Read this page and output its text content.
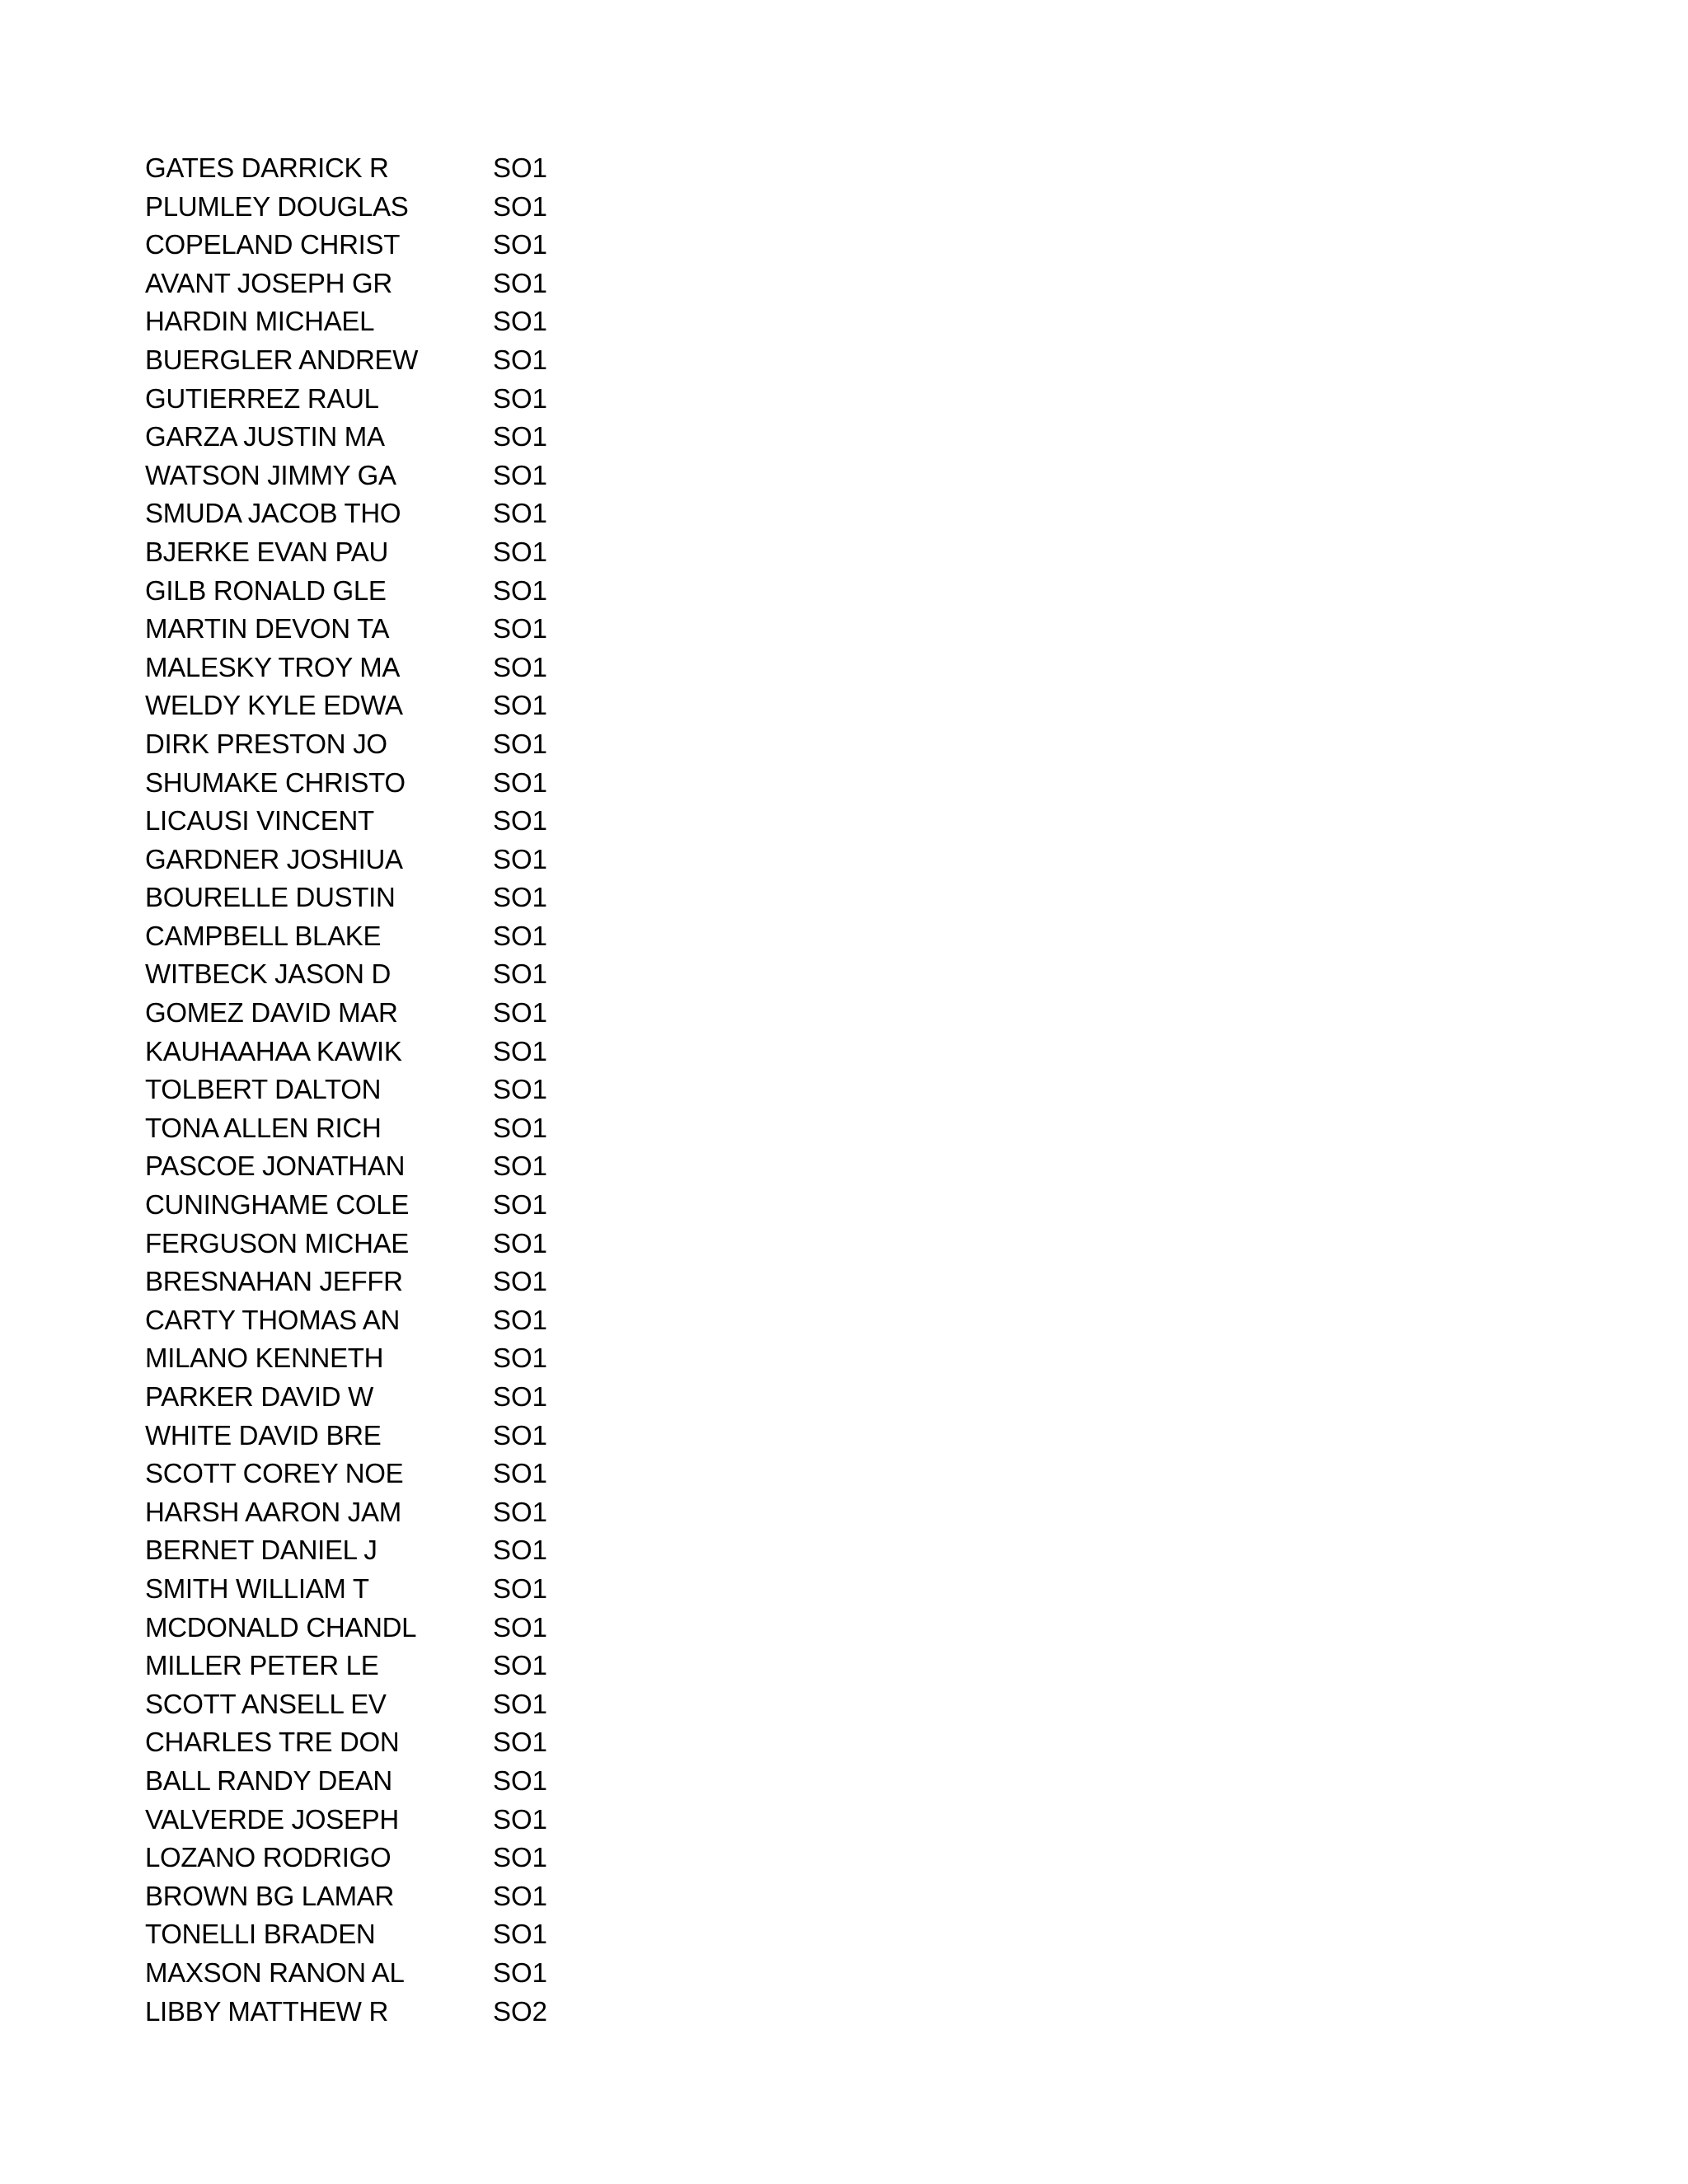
GATES DARRICK R	SO1
PLUMLEY DOUGLAS	SO1
COPELAND CHRIST	SO1
AVANT JOSEPH GR	SO1
HARDIN MICHAEL	SO1
BUERGLER ANDREW	SO1
GUTIERREZ RAUL	SO1
GARZA JUSTIN MA	SO1
WATSON JIMMY GA	SO1
SMUDA JACOB THO	SO1
BJERKE EVAN PAU	SO1
GILB RONALD GLE	SO1
MARTIN DEVON TA	SO1
MALESKY TROY MA	SO1
WELDY KYLE EDWA	SO1
DIRK PRESTON JO	SO1
SHUMAKE CHRISTO	SO1
LICAUSI VINCENT	SO1
GARDNER JOSHIUA	SO1
BOURELLE DUSTIN	SO1
CAMPBELL BLAKE	SO1
WITBECK JASON D	SO1
GOMEZ DAVID MAR	SO1
KAUHAAHAA KAWIK	SO1
TOLBERT DALTON	SO1
TONA ALLEN RICH	SO1
PASCOE JONATHAN	SO1
CUNINGHAME COLE	SO1
FERGUSON MICHAE	SO1
BRESNAHAN JEFFR	SO1
CARTY THOMAS AN	SO1
MILANO KENNETH	SO1
PARKER DAVID W	SO1
WHITE DAVID BRE	SO1
SCOTT COREY NOE	SO1
HARSH AARON JAM	SO1
BERNET DANIEL J	SO1
SMITH WILLIAM T	SO1
MCDONALD CHANDL	SO1
MILLER PETER LE	SO1
SCOTT ANSELL EV	SO1
CHARLES TRE DON	SO1
BALL RANDY DEAN	SO1
VALVERDE JOSEPH	SO1
LOZANO RODRIGO	SO1
BROWN BG LAMAR	SO1
TONELLI BRADEN	SO1
MAXSON RANON AL	SO1
LIBBY MATTHEW R	SO2
